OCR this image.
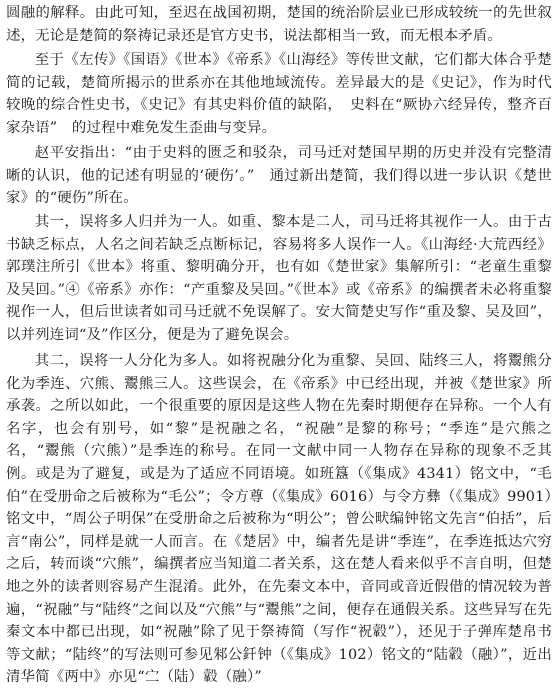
圆融的解释。由此可知，至迟在战国初期，楚国的统治阶层业已形成较统一的先世叙述，无论是楚简的祭祷记录还是官方史书，说法都相当一致，而无根本矛盾。

至于《左传》《国语》《世本》《帝系》《山海经》等传世文献，它们都大体合乎楚简的记载，楚简所揭示的世系亦在其他地域流传。差异最大的是《史记》，作为时代较晚的综合性史书，《史记》有其史料价值的缺陷，　史料在“厥协六经异传，整齐百家杂语”　的过程中难免发生歪曲与变异。

赵平安指出：“由于史料的匮乏和驳杂，司马迁对楚国早期的历史并没有完整清晰的认识，他的记述有明显的‘硬伤’。”　通过新出楚简，我们得以进一步认识《楚世家》的“硬伤”所在。

其一，误将多人归并为一人。如重、黎本是二人，司马迁将其视作一人。由于古书缺乏标点，人名之间若缺乏点断标记，容易将多人误作一人。《山海经·大荒西经》郭璞注所引《世本》将重、黎明确分开，也有如《楚世家》集解所引：“老童生重黎及吴回。”④《帝系》亦作：“产重黎及吴回。”《世本》或《帝系》的编撰者未必将重黎视作一人，但后世读者如司马迁就不免误解了。安大简楚史写作“重及黎、吴及回”，以并列连词“及”作区分，便是为了避免误会。

其二，误将一人分化为多人。如将祝融分化为重黎、吴回、陆终三人，将鬻熊分化为季连、穴熊、鬻熊三人。这些误会，在《帝系》中已经出现，并被《楚世家》所承袭。之所以如此，一个很重要的原因是这些人物在先秦时期便存在异称。一个人有名字，也会有别号，如“黎”是祝融之名，“祝融”是黎的称号；“季连”是穴熊之名，“鬻熊（穴熊）”是季连的称号。在同一文献中同一人物存在异称的现象不乏其例。或是为了避复，或是为了适应不同语境。如班簋（《集成》4341）铭文中，“毛伯”在受册命之后被称为“毛公”；令方尊（《集成》6016）与令方彝（《集成》9901）铭文中，“周公子明保”在受册命之后被称为“明公”；曾公畎编钟铭文先言“伯括”，后言“南公”，同样是就一人而言。在《楚居》中，编者先是讲“季连”，在季连抵达穴穷之后，转而谈“穴熊”，编撰者应当知道二者关系，这在楚人看来似乎不言自明，但楚地之外的读者则容易产生混淆。此外，在先秦文本中，音同或音近假借的情况较为普遍，“祝融”与“陆终”之间以及“穴熊”与“鬻熊”之间，便存在通假关系。这些异写在先秦文本中都已出现，如“祝融”除了见于祭祷简（写作“祝𩌊”），还见于子弹库楚帛书等文献；“陆终”的写法则可参见邾公釺钟（《集成》102）铭文的“陆𩌊（融）”，近出清华简《两中》亦见“㝉（陆）𩌊（融）”
